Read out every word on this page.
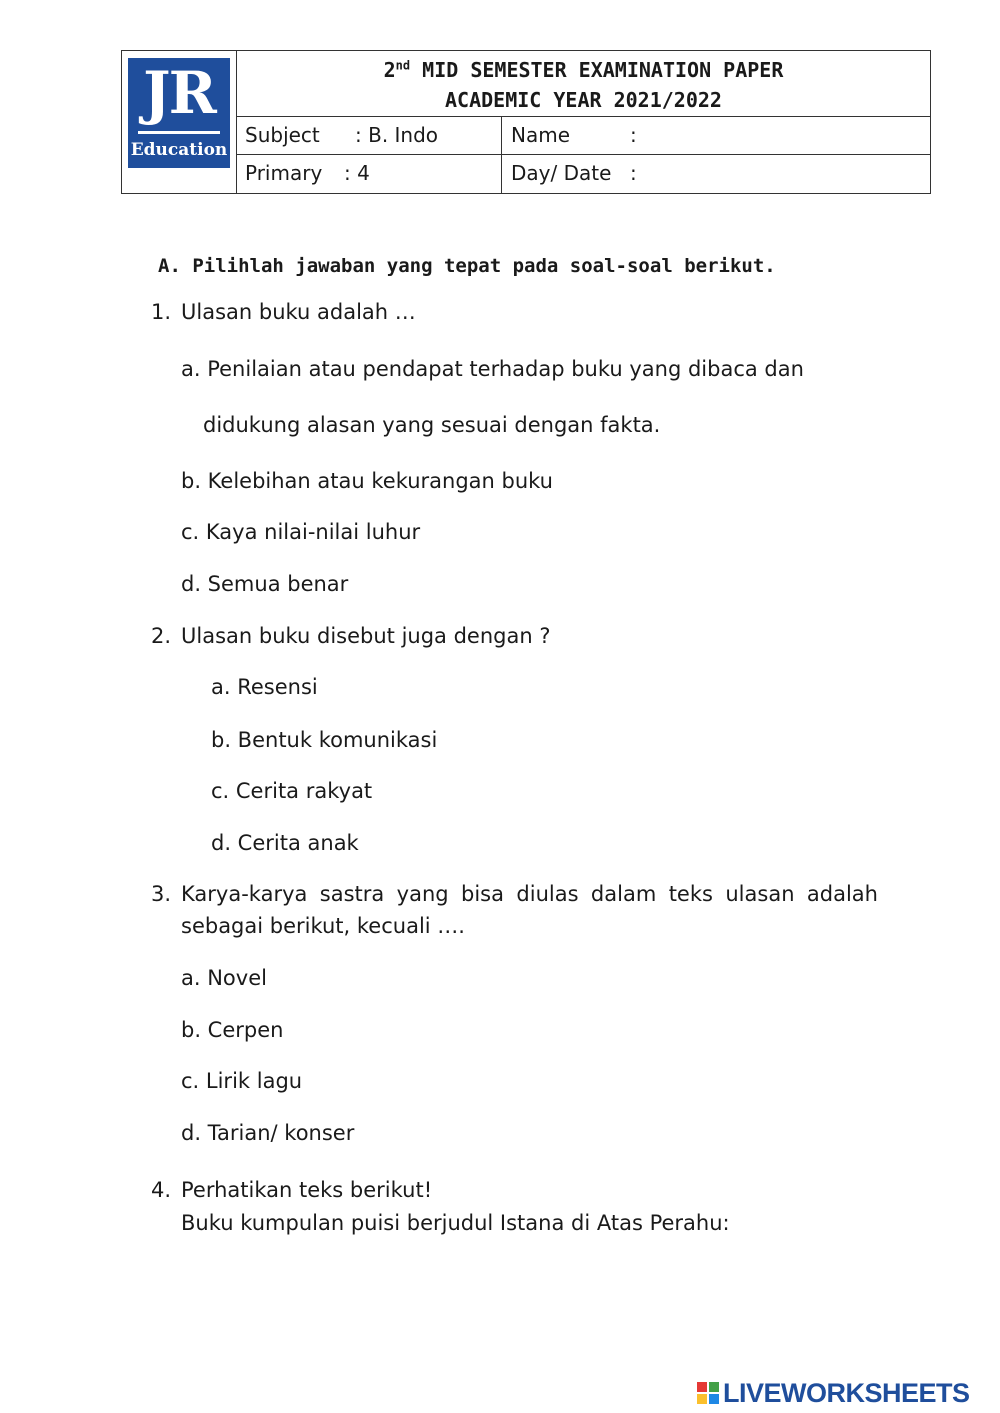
JR
Education
2nd MID SEMESTER EXAMINATION PAPER
ACADEMIC YEAR 2021/2022
Subject : B. Indo	Name	:
Primary : 4	Day/ Date :
A. Pilihlah jawaban yang tepat pada soal-soal berikut.
1. Ulasan buku adalah …
a. Penilaian atau pendapat terhadap buku yang dibaca dan
didukung alasan yang sesuai dengan fakta.
b. Kelebihan atau kekurangan buku
c. Kaya nilai-nilai luhur
d. Semua benar
2. Ulasan buku disebut juga dengan ?
a. Resensi
b. Bentuk komunikasi
c. Cerita rakyat
d. Cerita anak
3. Karya-karya sastra yang bisa diulas dalam teks ulasan adalah
sebagai berikut, kecuali ….
a. Novel
b. Cerpen
c. Lirik lagu
d. Tarian/ konser
4. Perhatikan teks berikut!
Buku kumpulan puisi berjudul Istana di Atas Perahu:
LIVEWORKSHEETS
